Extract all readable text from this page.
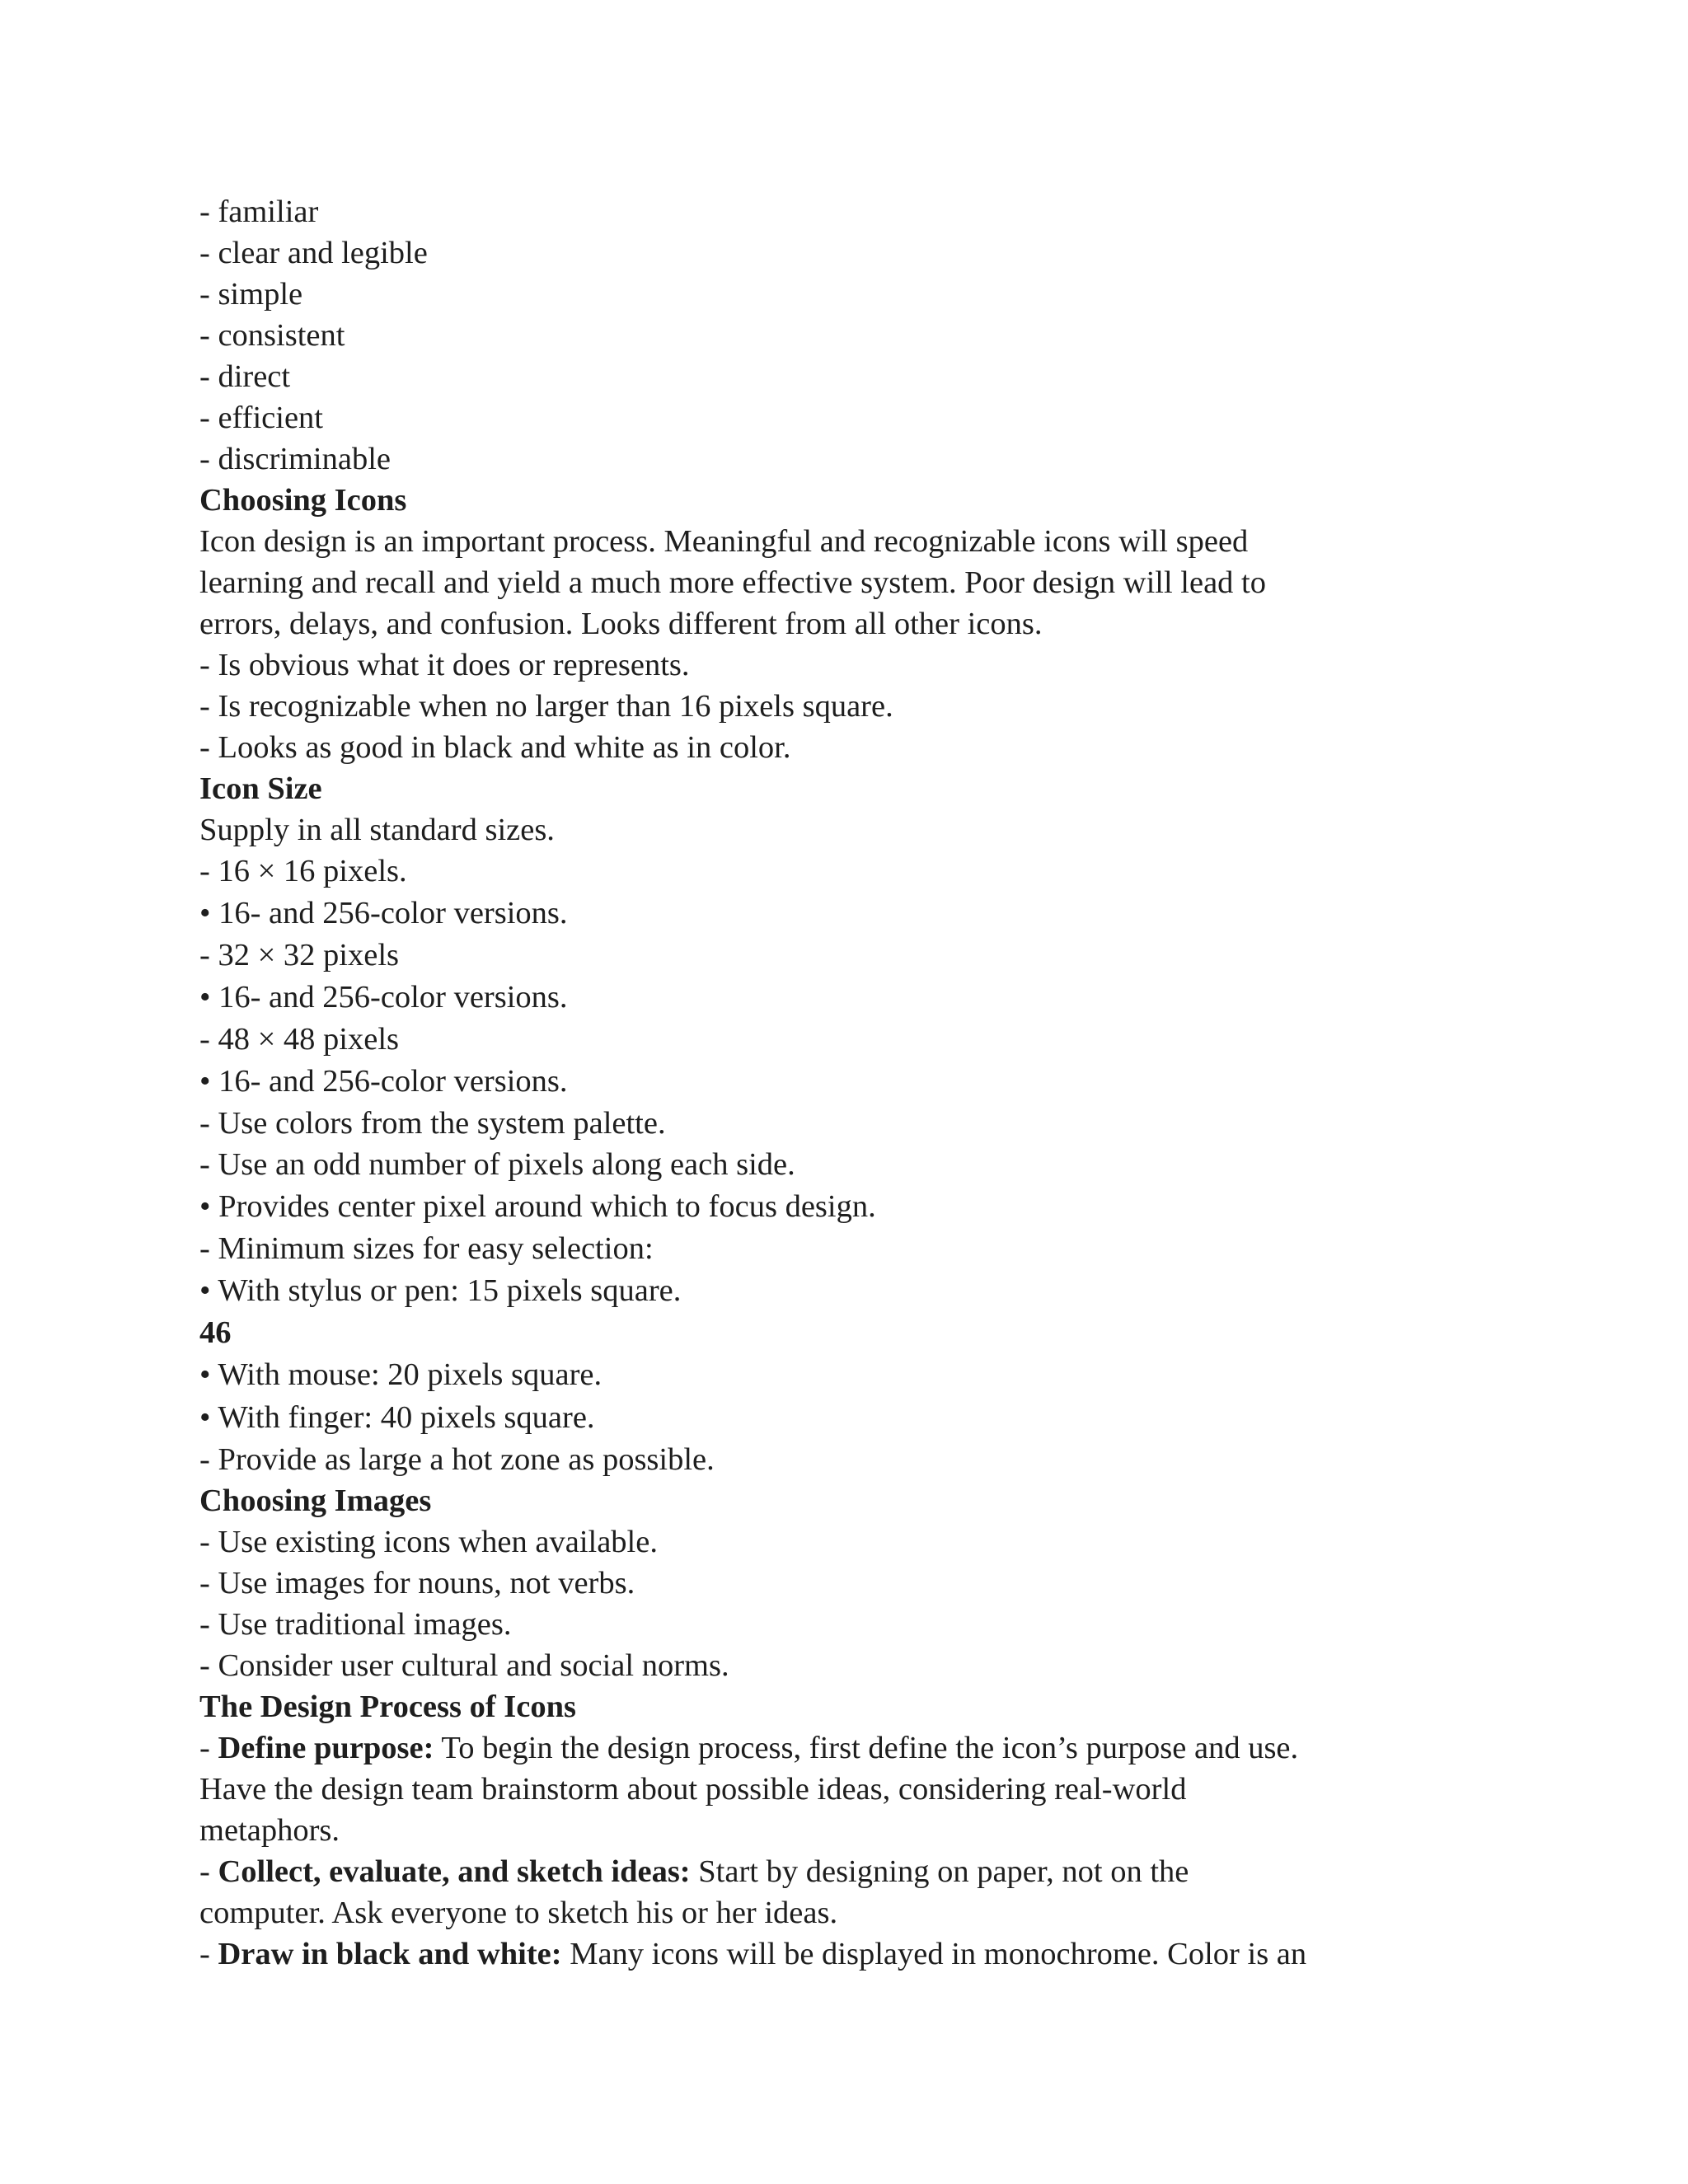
- familiar
- clear and legible
- simple
- consistent
- direct
- efficient
- discriminable
Choosing Icons
Icon design is an important process. Meaningful and recognizable icons will speed
learning and recall and yield a much more effective system. Poor design will lead to
errors, delays, and confusion. Looks different from all other icons.
- Is obvious what it does or represents.
- Is recognizable when no larger than 16 pixels square.
- Looks as good in black and white as in color.
Icon Size
Supply in all standard sizes.
- 16 × 16 pixels.
• 16- and 256-color versions.
- 32 × 32 pixels
• 16- and 256-color versions.
- 48 × 48 pixels
• 16- and 256-color versions.
- Use colors from the system palette.
- Use an odd number of pixels along each side.
• Provides center pixel around which to focus design.
- Minimum sizes for easy selection:
• With stylus or pen: 15 pixels square.
46
• With mouse: 20 pixels square.
• With finger: 40 pixels square.
- Provide as large a hot zone as possible.
Choosing Images
- Use existing icons when available.
- Use images for nouns, not verbs.
- Use traditional images.
- Consider user cultural and social norms.
The Design Process of Icons
- Define purpose: To begin the design process, first define the icon’s purpose and use.
Have the design team brainstorm about possible ideas, considering real-world
metaphors.
- Collect, evaluate, and sketch ideas: Start by designing on paper, not on the
computer. Ask everyone to sketch his or her ideas.
- Draw in black and white: Many icons will be displayed in monochrome. Color is an
